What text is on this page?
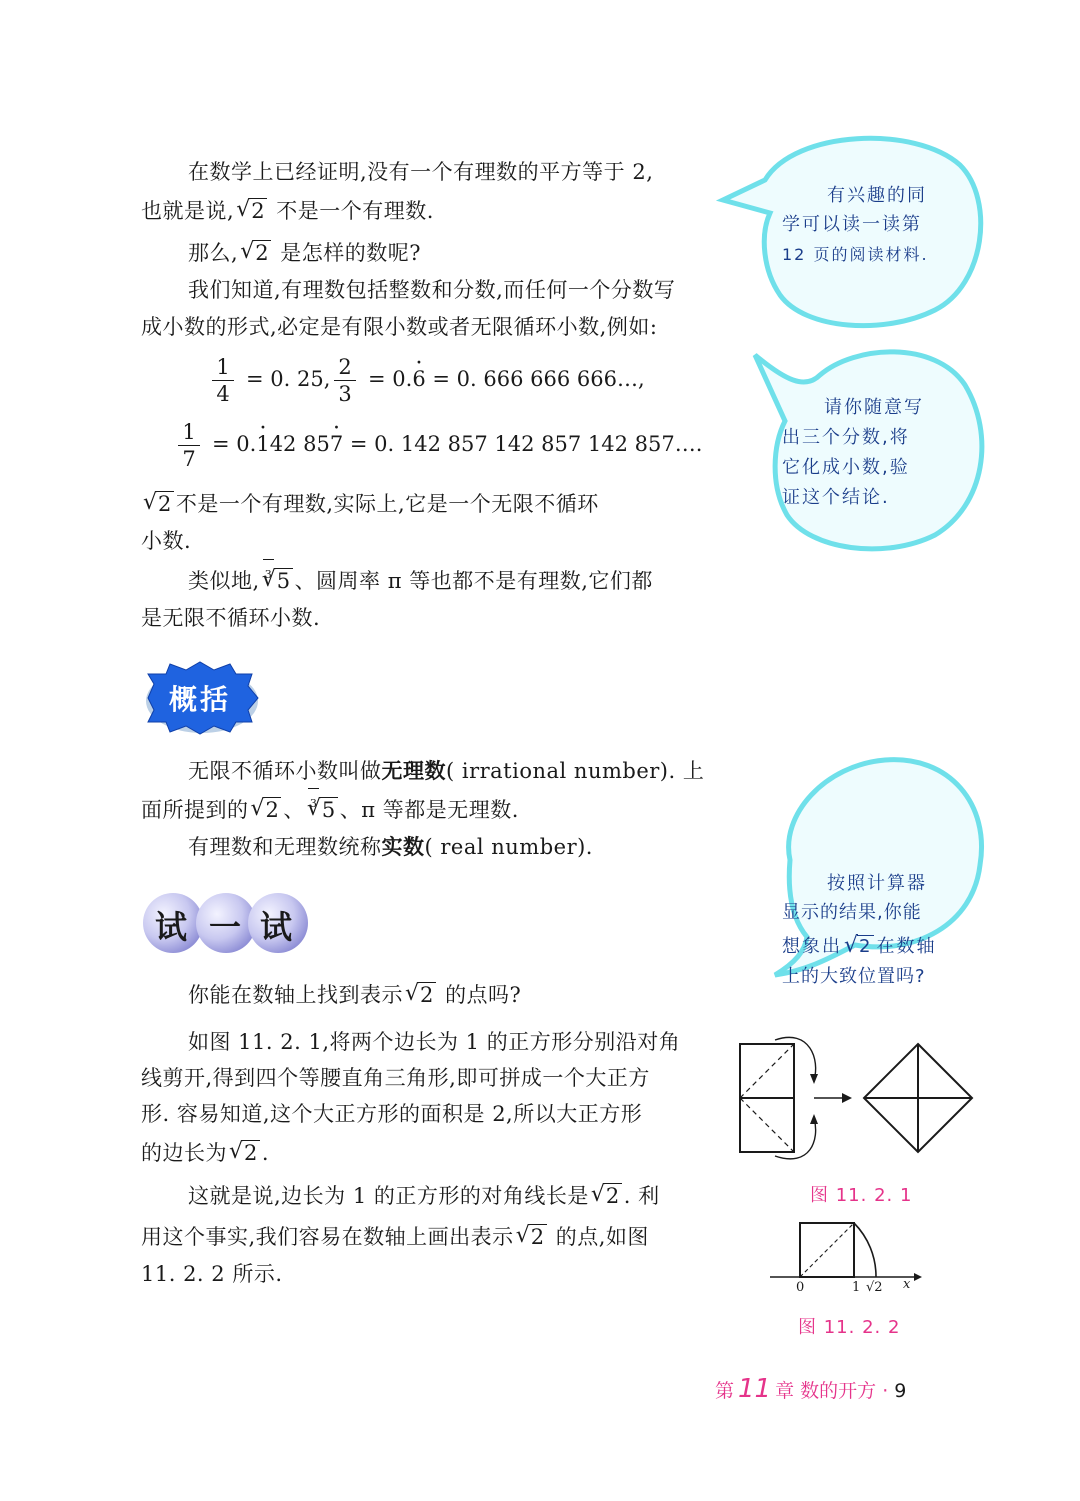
在数学上已经证明,没有一个有理数的平方等于 2,
也就是说, √ 2 不是一个有理数.
那么, √ 2 是怎样的数呢?
我们知道,有理数包括整数和分数,而任何一个分数写
成小数的形式,必定是有限小数或者无限循环小数,例如:
$\frac{1}{4} = 0$. 25, $\frac{2}{3} = 0.6$ · = 0. 666 666 666…,
$\frac{1}{7} = 0.1 \cdot 42$ 857 · = 0. 142 857 142 857 142 857….
√ 2 不是一个有理数,实际上,它是一个无限不循环
小数.
类似地, √ 3 5 、圆周率 π 等也都不是有理数,它们都
是无限不循环小数.
概括
无限不循环小数叫做无理数( irrational number). 上
面所提到的 √ 2 、 √ 3 5 、π 等都是无理数.
有理数和无理数统称实数( real number).
试 一 试
你能在数轴上找到表示 √ 2 的点吗?
如图 11. 2. 1,将两个边长为 1 的正方形分别沿对角
线剪开,得到四个等腰直角三角形,即可拼成一个大正方
形. 容易知道,这个大正方形的面积是 2,所以大正方形
的边长为 √ 2 .
这就是说,边长为 1 的正方形的对角线长是 √ 2 . 利
用这个事实,我们容易在数轴上画出表示 √ 2 的点,如图
11. 2. 2 所示.
有兴趣的同
学可以读一读第
12 页的阅读材料.
请你随意写
出三个分数,将
它化成小数,验
证这个结论.
按照计算器
显示的结果,你能
想象出 √ 2 在数轴
上的大致位置吗?
图 11. 2. 1
0	1 √2 x
图 11. 2. 2
第 11 章 数的开方 · 9
